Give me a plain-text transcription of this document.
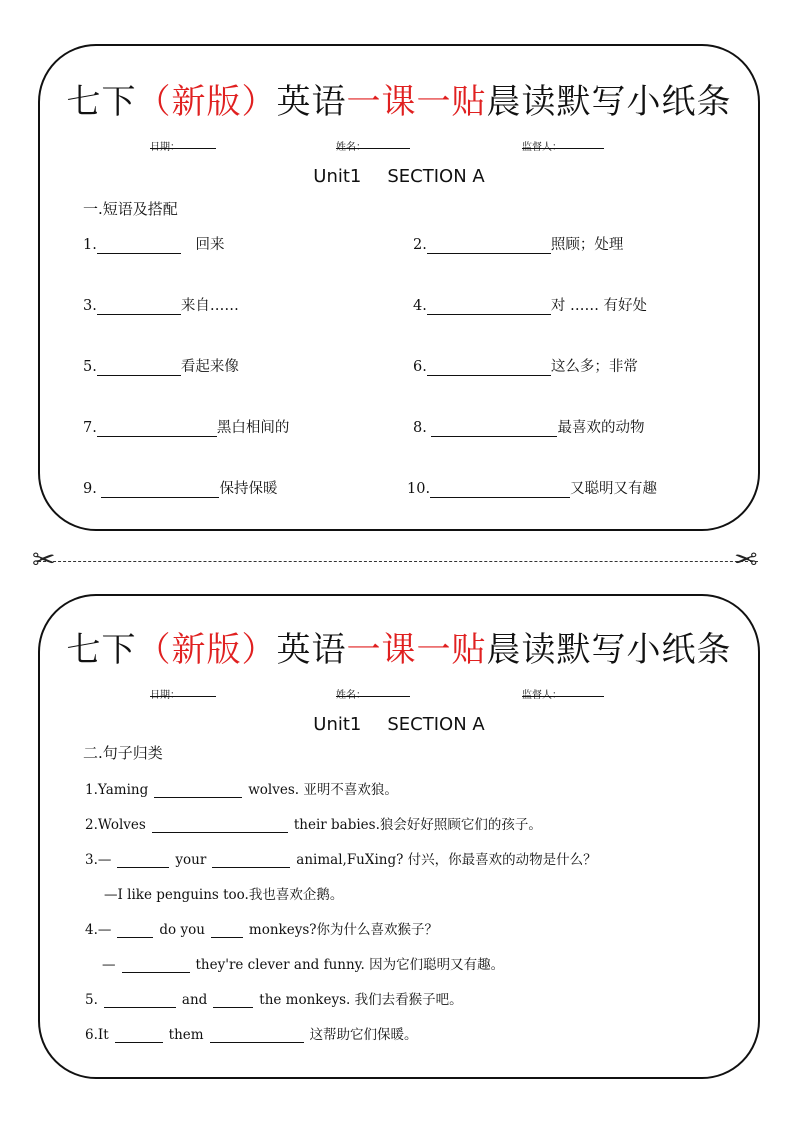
七下（新版）英语一课一贴晨读默写小纸条
日期：	姓名：	监督人：
Unit1 SECTION A
一.短语及搭配
1.	回来	2.	照顾；处理
3.	来自……	4.	对 …… 有好处
5.	看起来像	6.	这么多；非常
7.	黑白相间的	8.	最喜欢的动物
9.	保持保暖	10.	又聪明又有趣
✂	✂
七下（新版）英语一课一贴晨读默写小纸条
日期：	姓名：	监督人：
Unit1 SECTION A
二.句子归类
1.Yaming	wolves. 亚明不喜欢狼。
2.Wolves	their babies.狼会好好照顾它们的孩子。
3.—	your	animal,FuXing? 付兴，你最喜欢的动物是什么？
—I like penguins too.我也喜欢企鹅。
4.—	do you	monkeys?你为什么喜欢猴子？
—	they're clever and funny. 因为它们聪明又有趣。
5.	and	the monkeys. 我们去看猴子吧。
6.It	them	这帮助它们保暖。
